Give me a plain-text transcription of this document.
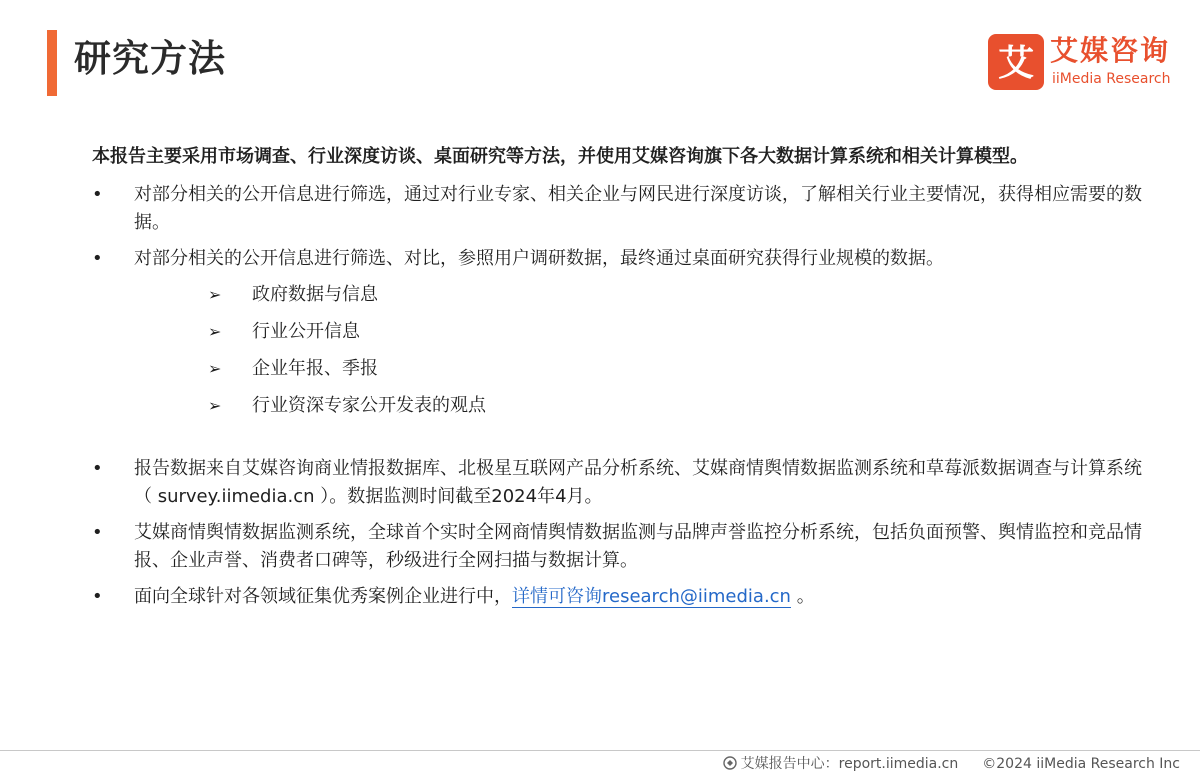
研究方法	艾 艾媒咨询
iiMedia Research

本报告主要采用市场调查、行业深度访谈、桌面研究等方法，并使用艾媒咨询旗下各大数据计算系统和相关计算模型。

•	对部分相关的公开信息进行筛选，通过对行业专家、相关企业与网民进行深度访谈，了解相关行业主要情况，获得相应需要的数据。
•	对部分相关的公开信息进行筛选、对比，参照用户调研数据，最终通过桌面研究获得行业规模的数据。
➢ 政府数据与信息
➢ 行业公开信息
➢ 企业年报、季报
➢ 行业资深专家公开发表的观点
•	报告数据来自艾媒咨询商业情报数据库、北极星互联网产品分析系统、艾媒商情舆情数据监测系统和草莓派数据调查与计算系统（ survey.iimedia.cn ）。数据监测时间截至2024年4月。
•	艾媒商情舆情数据监测系统，全球首个实时全网商情舆情数据监测与品牌声誉监控分析系统，包括负面预警、舆情监控和竞品情报、企业声誉、消费者口碑等，秒级进行全网扫描与数据计算。
•	面向全球针对各领域征集优秀案例企业进行中，详情可咨询research@iimedia.cn 。
艾媒报告中心：report.iimedia.cn ©2024 iiMedia Research Inc
